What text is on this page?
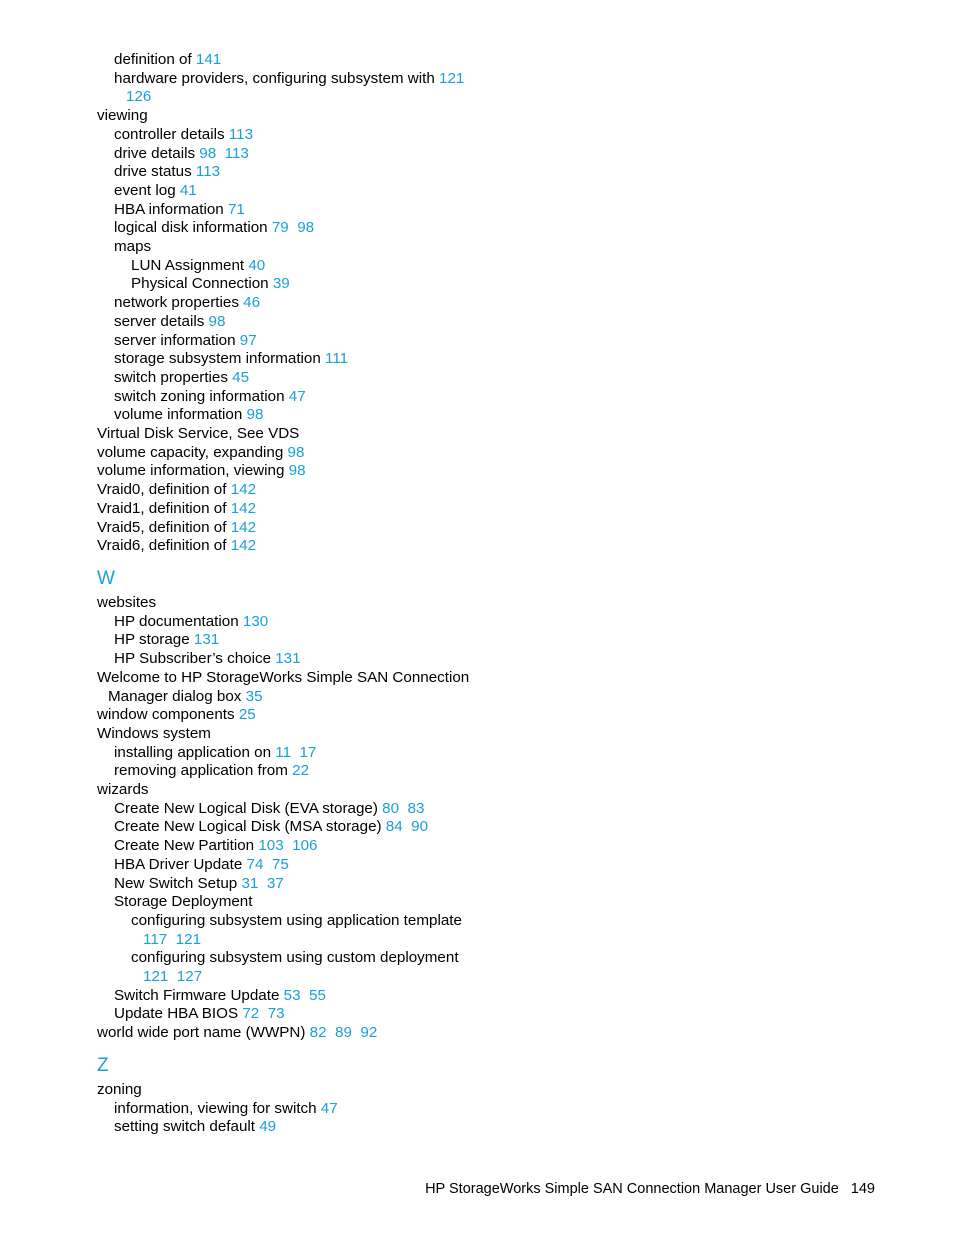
definition of 141
hardware providers, configuring subsystem with 121
126
viewing
controller details 113
drive details 98 113
drive status 113
event log 41
HBA information 71
logical disk information 79 98
maps
LUN Assignment 40
Physical Connection 39
network properties 46
server details 98
server information 97
storage subsystem information 111
switch properties 45
switch zoning information 47
volume information 98
Virtual Disk Service, See VDS
volume capacity, expanding 98
volume information, viewing 98
Vraid0, definition of 142
Vraid1, definition of 142
Vraid5, definition of 142
Vraid6, definition of 142
W
websites
HP documentation 130
HP storage 131
HP Subscriber’s choice 131
Welcome to HP StorageWorks Simple SAN Connection
Manager dialog box 35
window components 25
Windows system
installing application on 11 17
removing application from 22
wizards
Create New Logical Disk (EVA storage) 80 83
Create New Logical Disk (MSA storage) 84 90
Create New Partition 103 106
HBA Driver Update 74 75
New Switch Setup 31 37
Storage Deployment
configuring subsystem using application template
117 121
configuring subsystem using custom deployment
121 127
Switch Firmware Update 53 55
Update HBA BIOS 72 73
world wide port name (WWPN) 82 89 92
Z
zoning
information, viewing for switch 47
setting switch default 49
HP StorageWorks Simple SAN Connection Manager User Guide 149
